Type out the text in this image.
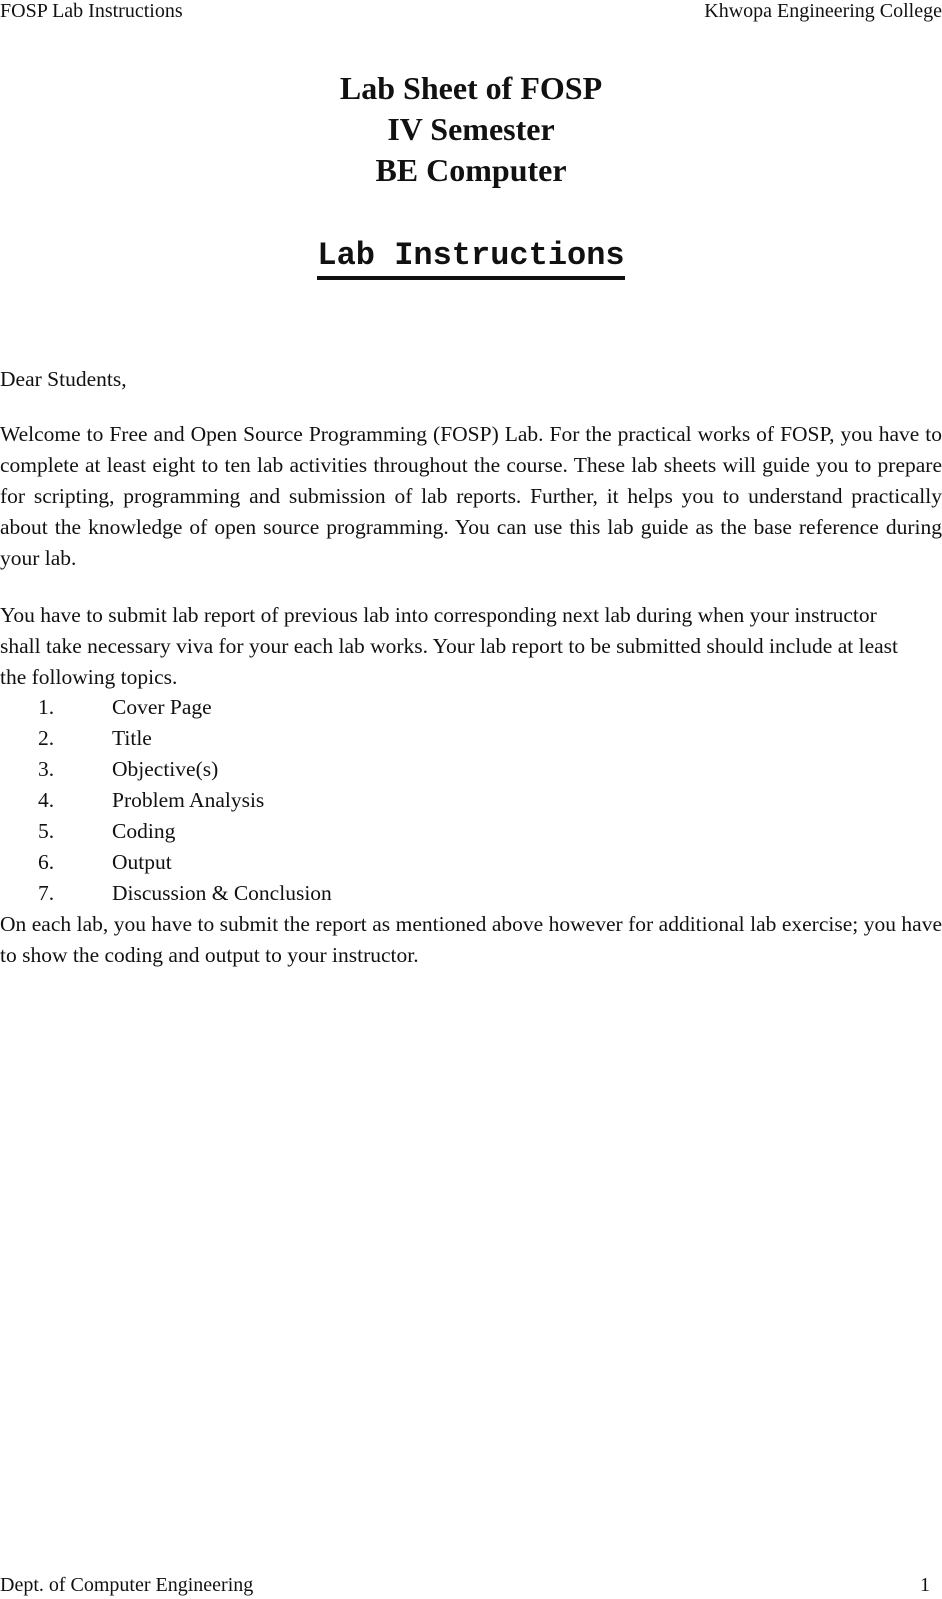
FOSP Lab Instructions	Khwopa Engineering College
Lab Sheet of FOSP
IV Semester
BE Computer
Lab Instructions
Dear Students,
Welcome to Free and Open Source Programming (FOSP) Lab. For the practical works of FOSP, you have to complete at least eight to ten lab activities throughout the course. These lab sheets will guide you to prepare for scripting, programming and submission of lab reports. Further, it helps you to understand practically about the knowledge of open source programming. You can use this lab guide as the base reference during your lab.
You have to submit lab report of previous lab into corresponding next lab during when your instructor shall take necessary viva for your each lab works. Your lab report to be submitted should include at least the following topics.
1.	Cover Page
2.	Title
3.	Objective(s)
4.	Problem Analysis
5.	Coding
6.	Output
7.	Discussion & Conclusion
On each lab, you have to submit the report as mentioned above however for additional lab exercise; you have to show the coding and output to your instructor.
Dept. of Computer Engineering	1
